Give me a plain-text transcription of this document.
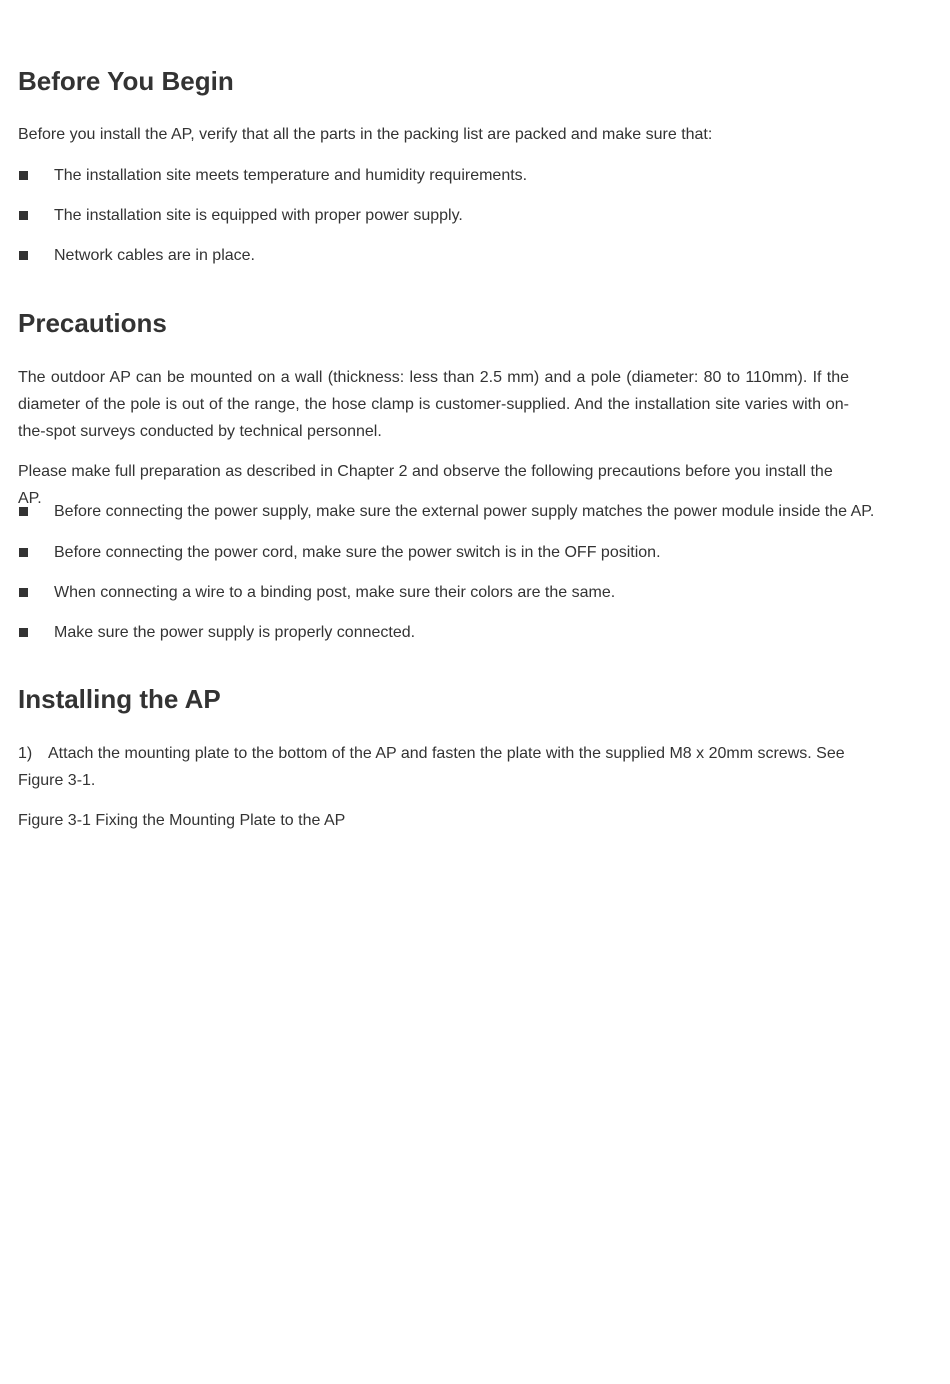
Before You Begin

Before you install the AP, verify that all the parts in the packing list are packed and make sure that:

The installation site meets temperature and humidity requirements.
The installation site is equipped with proper power supply.
Network cables are in place.
Precautions

The outdoor AP can be mounted on a wall (thickness: less than 2.5 mm) and a pole (diameter: 80 to 110mm). If the diameter of the pole is out of the range, the hose clamp is customer-supplied. And the installation site varies with on-the-spot surveys conducted by technical personnel.

Please make full preparation as described in Chapter 2 and observe the following precautions before you install the AP.

Before connecting the power supply, make sure the external power supply matches the power module inside the AP.
Before connecting the power cord, make sure the power switch is in the OFF position.
When connecting a wire to a binding post, make sure their colors are the same.
Make sure the power supply is properly connected.
Installing the AP
1) Attach the mounting plate to the bottom of the AP and fasten the plate with the supplied M8 x 20mm screws. See Figure 3-1.

Figure 3-1 Fixing the Mounting Plate to the AP
